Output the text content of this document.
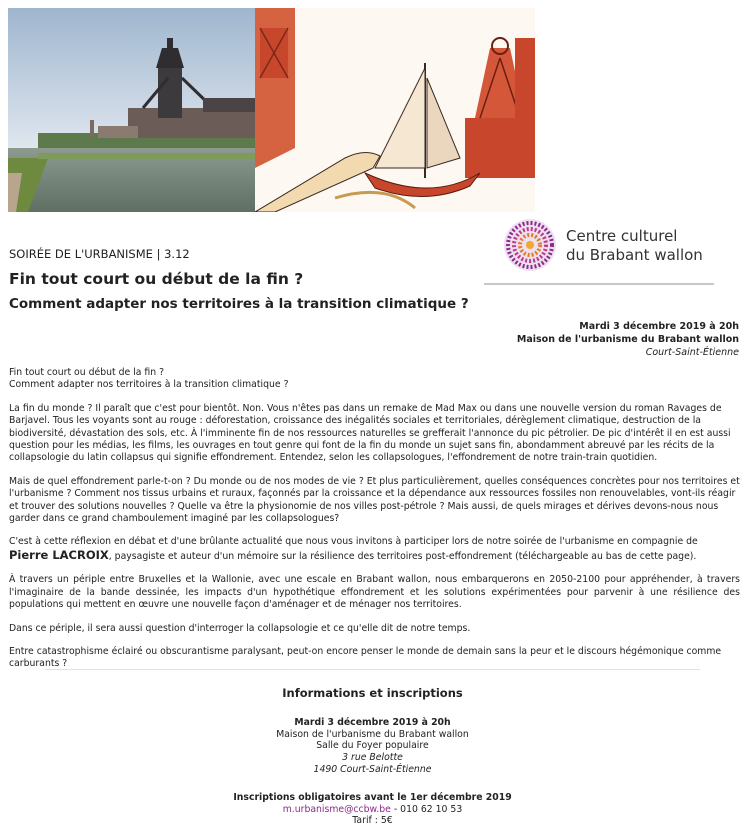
Centre culturel
du Brabant wallon
SOIRÉE DE L'URBANISME | 3.12
Fin tout court ou début de la fin ?
Comment adapter nos territoires à la transition climatique ?
Mardi 3 décembre 2019 à 20h
Maison de l'urbanisme du Brabant wallon
Court-Saint-Étienne

Fin tout court ou début de la fin ?
Comment adapter nos territoires à la transition climatique ?

La fin du monde ? Il paraît que c'est pour bientôt. Non. Vous n'êtes pas dans un remake de Mad Max ou dans une nouvelle version du roman Ravages de Barjavel. Tous les voyants sont au rouge : déforestation, croissance des inégalités sociales et territoriales, dérèglement climatique, destruction de la biodiversité, dévastation des sols, etc. À l'imminente fin de nos ressources naturelles se grefferait l'annonce du pic pétrolier. De pic d'intérêt il en est aussi question pour les médias, les films, les ouvrages en tout genre qui font de la fin du monde un sujet sans fin, abondamment abreuvé par les récits de la collapsologie du latin collapsus qui signifie effondrement. Entendez, selon les collapsologues, l'effondrement de notre train-train quotidien.

Mais de quel effondrement parle-t-on ? Du monde ou de nos modes de vie ? Et plus particulièrement, quelles conséquences concrètes pour nos territoires et l'urbanisme ? Comment nos tissus urbains et ruraux, façonnés par la croissance et la dépendance aux ressources fossiles non renouvelables, vont-ils réagir et trouver des solutions nouvelles ? Quelle va être la physionomie de nos villes post-pétrole ? Mais aussi, de quels mirages et dérives devons-nous nous garder dans ce grand chamboulement imaginé par les collapsologues?

C'est à cette réflexion en débat et d'une brûlante actualité que nous vous invitons à participer lors de notre soirée de l'urbanisme en compagnie de Pierre LACROIX, paysagiste et auteur d'un mémoire sur la résilience des territoires post-effondrement (téléchargeable au bas de cette page).

À travers un périple entre Bruxelles et la Wallonie, avec une escale en Brabant wallon, nous embarquerons en 2050-2100 pour appréhender, à travers l'imaginaire de la bande dessinée, les impacts d'un hypothétique effondrement et les solutions expérimentées pour parvenir à une résilience des populations qui mettent en œuvre une nouvelle façon d'aménager et de ménager nos territoires.

Dans ce périple, il sera aussi question d'interroger la collapsologie et ce qu'elle dit de notre temps.

Entre catastrophisme éclairé ou obscurantisme paralysant, peut-on encore penser le monde de demain sans la peur et le discours hégémonique comme carburants ?

Informations et inscriptions
Mardi 3 décembre 2019 à 20h
Maison de l'urbanisme du Brabant wallon
Salle du Foyer populaire
3 rue Belotte
1490 Court-Saint-Étienne
Inscriptions obligatoires avant le 1er décembre 2019
m.urbanisme@ccbw.be - 010 62 10 53
Tarif : 5€
